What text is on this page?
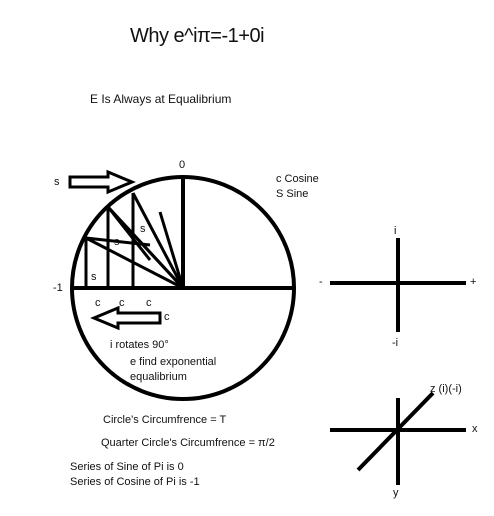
Why e^iπ=-1+0i
E Is Always at Equalibrium
s
s
s
c c c
0
-1
s
c
c Cosine
S Sine
i rotates 90°
e find exponential
equalibrium
Circle's Circumfrence = T
Quarter Circle's Circumfrence = π/2
Series of Sine of Pi is 0
Series of Cosine of Pi is -1
i
-i
-	+
z (i)(-i)
x
y
